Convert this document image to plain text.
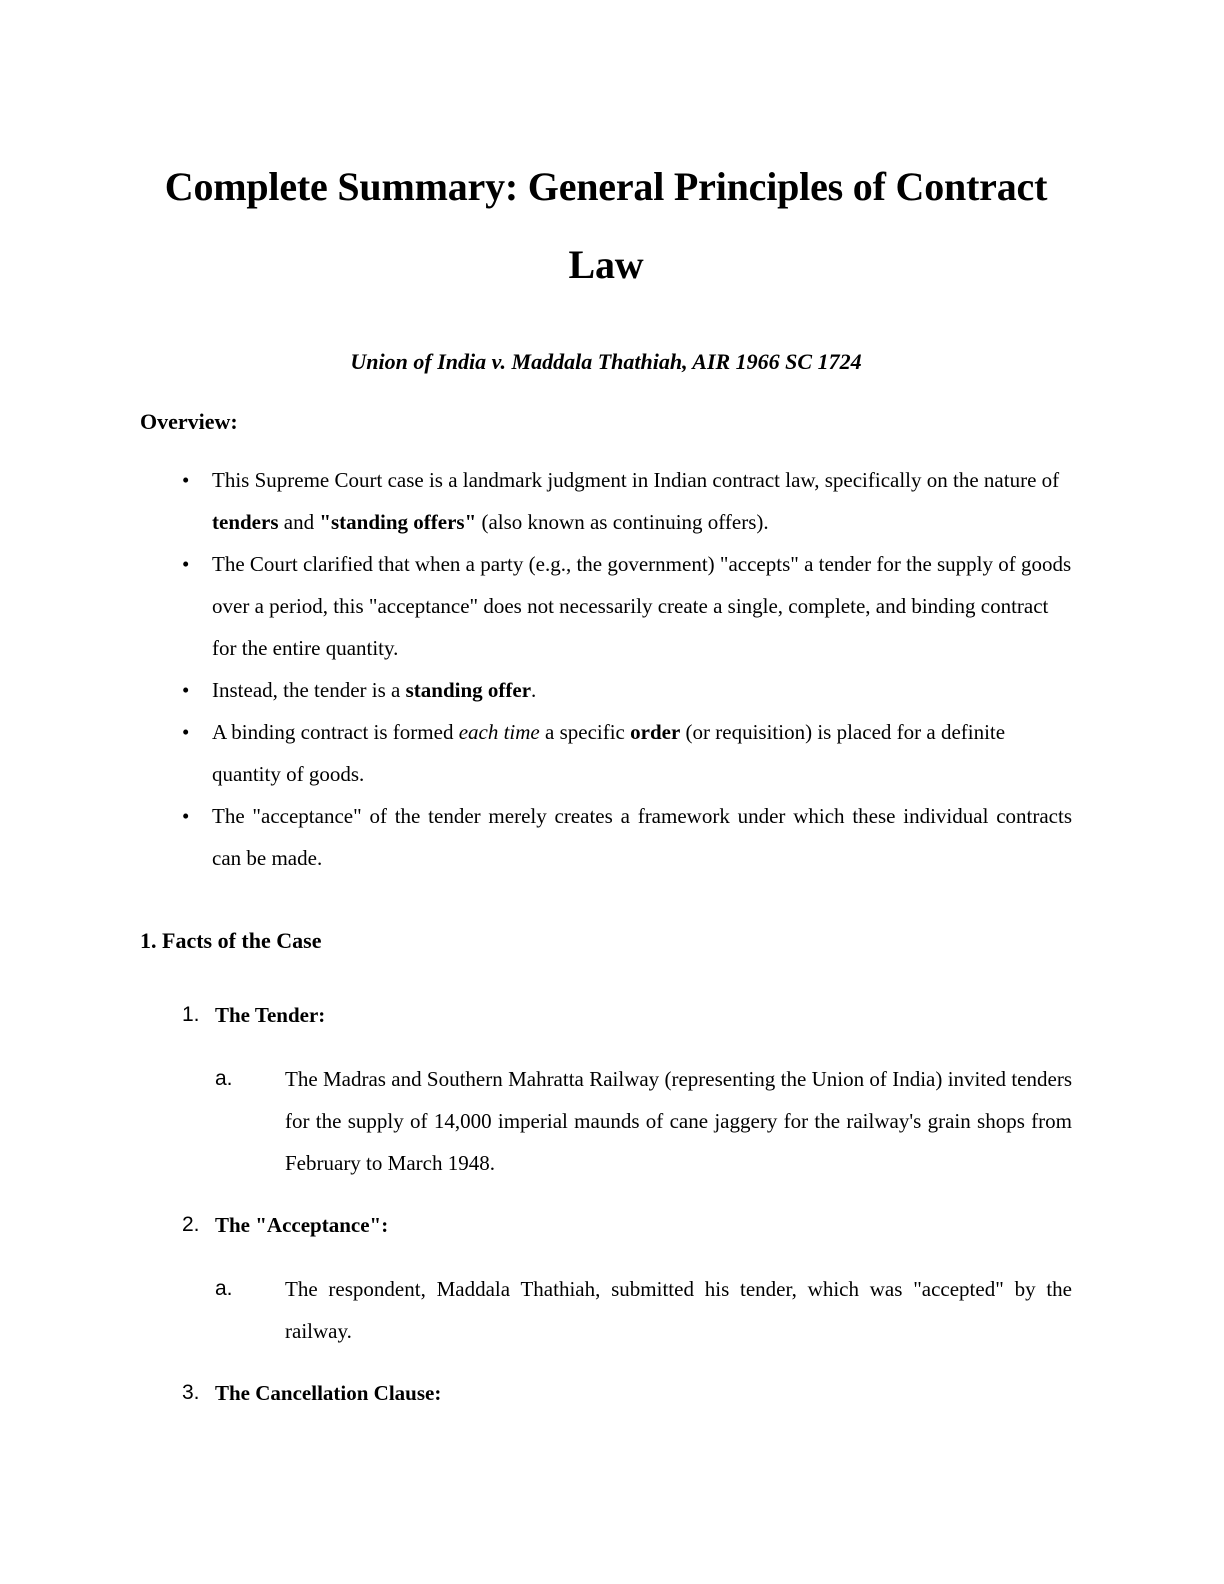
Complete Summary: General Principles of Contract Law

Union of India v. Maddala Thathiah, AIR 1966 SC 1724

Overview:
• This Supreme Court case is a landmark judgment in Indian contract law, specifically on the nature of tenders and "standing offers" (also known as continuing offers).
• The Court clarified that when a party (e.g., the government) "accepts" a tender for the supply of goods over a period, this "acceptance" does not necessarily create a single, complete, and binding contract for the entire quantity.
• Instead, the tender is a standing offer.
• A binding contract is formed each time a specific order (or requisition) is placed for a definite quantity of goods.
• The "acceptance" of the tender merely creates a framework under which these individual contracts can be made.
1. Facts of the Case
1. The Tender:
a. The Madras and Southern Mahratta Railway (representing the Union of India) invited tenders for the supply of 14,000 imperial maunds of cane jaggery for the railway's grain shops from February to March 1948.
2. The "Acceptance":
a. The respondent, Maddala Thathiah, submitted his tender, which was "accepted" by the railway.
3. The Cancellation Clause:
